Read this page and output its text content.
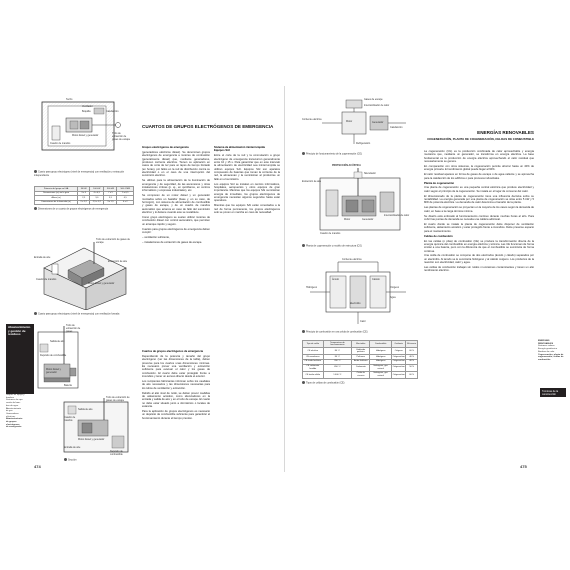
Techo
Ventilador
Boquilla	Calefacción
Motor diésel y generador
Cuadro de mandos
Tubo de extracción de gases de escape
Cuarto para grupo electrógeno (nivel de emergencia) con ventilación y extracción independiente
Potencia del grupo en kVA	30 kW	100 kW	300 kW	500-1 MW
Dimensiones (m) sin la grua	3 x 4	4 x 4,5	7 x 5	9 x 6,5
Altura (m)	2,5	3,0	3,5	4,5
Dimensiones de la bancada (m)	2 x 1,2	2,5 x 1,2	3 x 1,5	4 x 2
Dimensiones de un cuarto de grupos electrógenos de emergencia
Tubo de extracción de gases de escape
Entrada de aire
Extracción de aire
Motor diésel y generador
Cuadro de mandos
Cuarto para grupo electrógeno (nivel de emergencia) con ventilación forzada
Tubo de extracción de gases
Salida de aire
Depósito de combustible
Motor diésel y generador
Batería
Abastecimiento y gestión de residuos
Grupos de apoyo y bombeo
Sistemas de ope-
ración de bom-
beo de agua
Abastecimiento
de gas
Generadores
eléctricos
Abastecimiento
de grupos
electrógenos
de emergencia
Tubo de extracción de gases de escape
Salida de aire
Motor diésel y generador
Cuadro de mandos
Entrada de aire
Depósito de combustible
Sección
CUARTOS DE GRUPOS ELECTRÓGENOS DE EMERGENCIA

Grupos electrógenos de emergencia

(generadores eléctricos diésel). Se denominan grupos electrógenos de emergencia a motores de combustión (generalmente diésel) que, mediante generadores, producen corriente eléctrica. Tienen su aplicación en casos de corte de luz para un lapso de tiempo limitado (en horas), por fallos en la red de distribución contra su electricidad o en el caso de una interrupción del suministro eléctrico.

Se utilizan para la alimentación de la iluminación de emergencia y de seguridad, de las ascensores y otras instalaciones críticas (p. ej., en quirófanos, en centros informáticos y empresas industriales), etc.

Se componen de un motor diésel y un generador montados sobre un bastidor (base y, en su caso, de hormigón), con sistema de alimentación de combustible y gases de escape, y de un cuadro de mandos automático que arranca en caso de fallo del suministro eléctrico y lo detiene cuando este se restablece.

Como grupo electrógeno se suelen utilizar motores de combustión diésel con control automático, que permiten un arranque rápido y seguro.

Cuartos para grupos electrógenos de emergencia deben cumplir:

– ventilación suficiente,

– instalaciones de extracción de gases de escape.

Cuartos de grupos electrógenos de emergencia

Dependiendo de la potencia y tamaño del grupo electrógeno (ver las dimensiones de la tabla), deben preverse para los cuartos unas dimensiones mínimas. Es necesario prever una ventilación y extracción suficiente para evacuar el calor y los gases de combustión. El cuarto debe estar protegido frente a incendios y tener un acceso directo desde el exterior.

Los recipientes fabricantes informan sobre los caudales de aire necesarios y las dimensiones necesarias para los tubos de ventilación y extracción.

Debido al alto nivel de ruido, se deben prever medidas de aislamiento acústico, como silenciadores en la entrada y salida de aire y en el tubo de escape. El cuarto no debe estar situado junto a dormitorios o locales de estancia.

Para la aplicación de grupos electrógenos es necesario un depósito de combustible suficiente para garantizar el funcionamiento durante el tiempo previsto.

Sistema de alimentación ininterrumpida
Equipos SAI

Entre el corte de la red y la conmutación a grupo electrógeno de emergencia transcurren generalmente entre 10 y 15 s. Para garantizar que en este intervalo la alimentación de electricidad sea ininterrumpida se utilizan equipos SAI. Equipos SAI son aparatos compuestos de baterías que toman la corriente de la red, la almacenan y la suministran al producirse un fallo en el suministro.

Los equipos SAI se instalan en centros informáticos, hospitales, aeropuertos y otros equipos de gran importancia. Mientras que los equipos SAI suministran energía de inmediato, los grupos electrógenos de emergencia necesitan algunos segundos hasta estar operativos.

Mientras que los equipos SAI están conectados a la red de forma permanente, los grupos electrógenos solo se ponen en marcha en caso de necesidad.

474
Gases de escape
Intercambiador de calor
Corriente eléctrica
Motor	Generador
Calefacción
Refrigeración
Principio de funcionamiento de la cogeneración (CG)
PROTECCIÓN ACÚSTICA
Silenciador
Extracción de aire
Generador
Motor
Intercambiador de calor
Cuadro de mandos
Planta de cogeneración y modelo de estructura (CG)
Corriente eléctrica
Ánodo	Cátodo
Electrolito
Hidrógeno	Oxígeno
Agua
Calor
Principio de combustión en una celda de combustión (CE)
Tipo de celda	Temperatura de funcionamiento	Electrolito	Combustible	Oxidante	Eficiencia
CE alcalina	80 °C	Hidróxido potásico	Hidrógeno	Oxígeno	60 %
CE membrana	80 °C	Polímero	Hidrógeno	Oxígeno/aire	40 %
CE ácido fosfórico	200 °C	Ácido fosfórico	Hidrógeno	Oxígeno/aire	40 %
CE carbonato fundido	650 °C	Carbonato	Hidrógeno, gas natural	Oxígeno/aire	50 %
CE óxido sólido	1.000 °C	Óxido de circonio	Hidrógeno, gas natural	Oxígeno/aire	60 %
Tipos de celdas de combustión (CE)
ENERGÍAS RENOVABLES
COGENERACIÓN, PLANTA DE COGENERACIÓN, CELDAS DE COMBUSTIBLE

La cogeneración (CG) es la producción combinada de calor aprovechable y energía mecánica que, mediante un generador, se transforma en energía eléctrica. La base fundamental es la producción de energía eléctrica aprovechando el calor residual que necesariamente se genera.

En comparación con otros sistemas, la cogeneración permite ahorrar hasta un 40% de energía primaria. El rendimiento global puede llegar al 90%.

El calor residual aparece en forma de gases de escape o de agua caliente y se aprovecha para la calefacción de los edificios o para procesos industriales.

Planta de cogeneración

Una planta de cogeneración es una pequeña central eléctrica que produce electricidad y calor según el principio de la cogeneración. Se instala en el lugar de consumo del calor.

El dimensionado de la planta de cogeneración tiene una influencia decisiva sobre su rentabilidad. La energía generada por una planta de cogeneración se sitúa entre 5 kW y 5 MW de potencia eléctrica. La demanda de calor determina el tamaño de la planta.

Las plantas de cogeneración se proyectan en la mayoría de los casos según la demanda de calor, en base a la carga térmica mínima.

Su diseño está enfocado al funcionamiento continuo durante muchas horas al año. Para cubrir las puntas de demanda se necesita una caldera adicional.

El cuarto donde se instale la planta de cogeneración debe disponer de ventilación suficiente, aislamiento acústico y estar protegido frente a incendios. Debe preverse espacio para el mantenimiento.

Celdas de combustión

En las celdas (o pilas) de combustión (CE) se produce la transformación directa de la energía química del combustible en energía eléctrica y térmica. Las CE funcionan de forma similar a una batería, pero con la diferencia de que el combustible se suministra de forma continua.

Una celda de combustión se compone de dos electrodos (ánodo y cátodo) separados por un electrolito. Al ánodo se le suministra hidrógeno y al cátodo oxígeno. Los productos de la reacción son electricidad, calor y agua.

Las celdas de combustión trabajan sin ruidos ni emisiones contaminantes y tienen un alto rendimiento eléctrico.

ENERGÍAS RENOVABLES
Sistemas solares
Energía geotérmica
Bombas de calor
Cogeneración, planta de cogeneración, celdas de combustión
Técnicas de la construcción
475
